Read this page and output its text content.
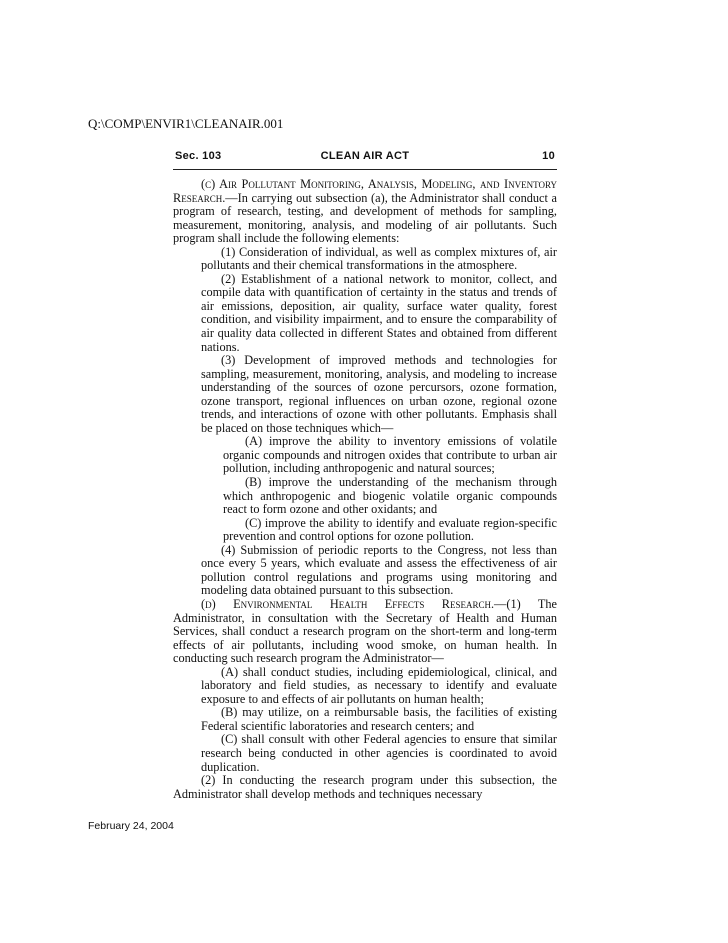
Q:\COMP\ENVIR1\CLEANAIR.001
Sec. 103	CLEAN AIR ACT	10

(c) Air Pollutant Monitoring, Analysis, Modeling, and Inventory Research.—In carrying out subsection (a), the Administrator shall conduct a program of research, testing, and development of methods for sampling, measurement, monitoring, analysis, and modeling of air pollutants. Such program shall include the following elements:

(1) Consideration of individual, as well as complex mixtures of, air pollutants and their chemical transformations in the atmosphere.

(2) Establishment of a national network to monitor, collect, and compile data with quantification of certainty in the status and trends of air emissions, deposition, air quality, surface water quality, forest condition, and visibility impairment, and to ensure the comparability of air quality data collected in different States and obtained from different nations.

(3) Development of improved methods and technologies for sampling, measurement, monitoring, analysis, and modeling to increase understanding of the sources of ozone percursors, ozone formation, ozone transport, regional influences on urban ozone, regional ozone trends, and interactions of ozone with other pollutants. Emphasis shall be placed on those techniques which—

(A) improve the ability to inventory emissions of volatile organic compounds and nitrogen oxides that contribute to urban air pollution, including anthropogenic and natural sources;

(B) improve the understanding of the mechanism through which anthropogenic and biogenic volatile organic compounds react to form ozone and other oxidants; and

(C) improve the ability to identify and evaluate region-specific prevention and control options for ozone pollution.

(4) Submission of periodic reports to the Congress, not less than once every 5 years, which evaluate and assess the effectiveness of air pollution control regulations and programs using monitoring and modeling data obtained pursuant to this subsection.

(d) Environmental Health Effects Research.—(1) The Administrator, in consultation with the Secretary of Health and Human Services, shall conduct a research program on the short-term and long-term effects of air pollutants, including wood smoke, on human health. In conducting such research program the Administrator—

(A) shall conduct studies, including epidemiological, clinical, and laboratory and field studies, as necessary to identify and evaluate exposure to and effects of air pollutants on human health;

(B) may utilize, on a reimbursable basis, the facilities of existing Federal scientific laboratories and research centers; and

(C) shall consult with other Federal agencies to ensure that similar research being conducted in other agencies is coordinated to avoid duplication.

(2) In conducting the research program under this subsection, the Administrator shall develop methods and techniques necessary

February 24, 2004
